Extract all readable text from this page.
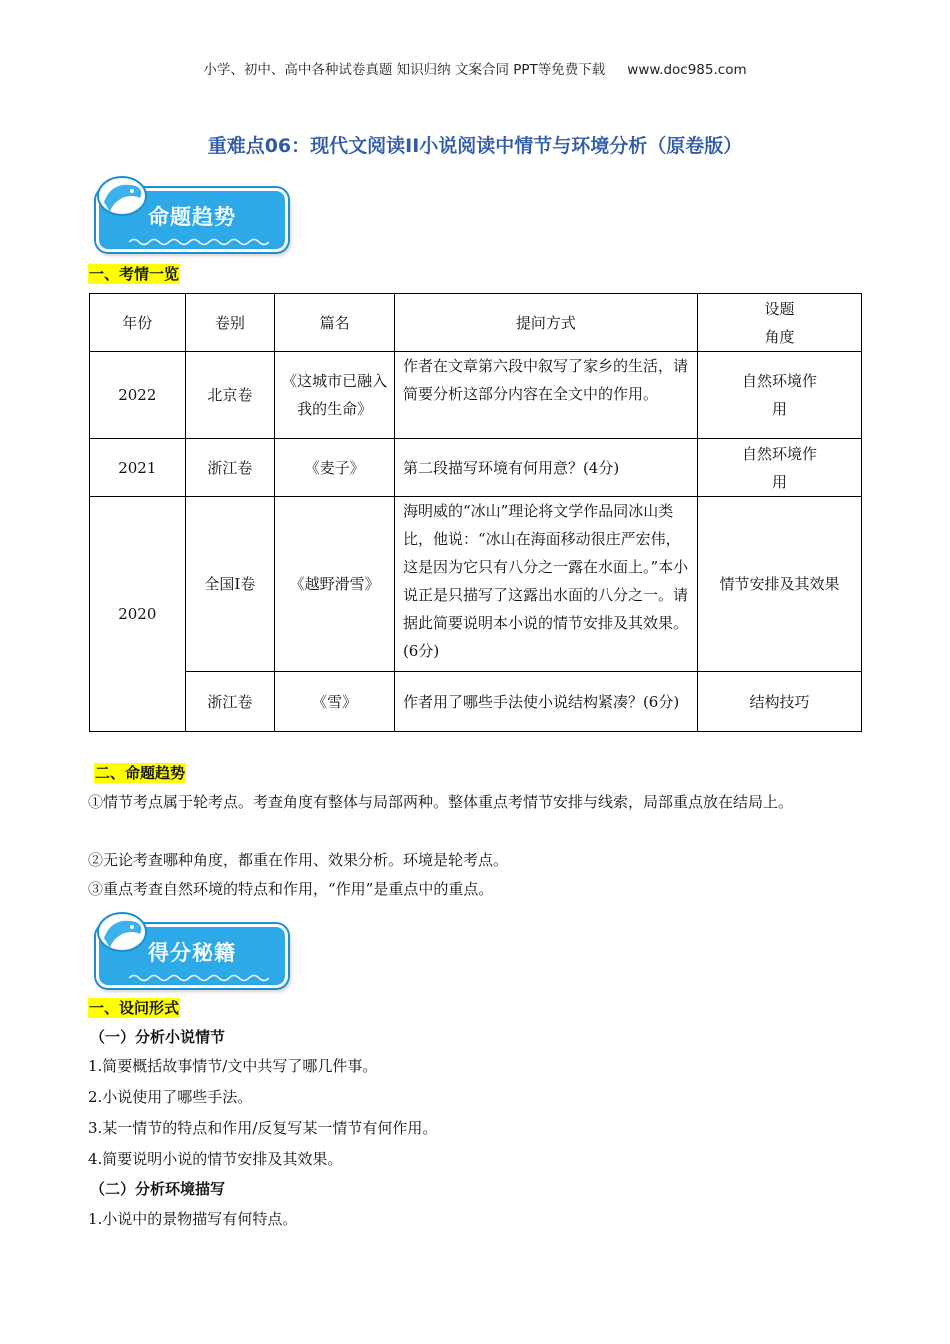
小学、初中、高中各种试卷真题 知识归纳 文案合同 PPT等免费下载 www.doc985.com
重难点06：现代文阅读II小说阅读中情节与环境分析（原卷版）
命题趋势
一、考情一览
年份	卷别	篇名	提问方式	设题
角度
2022	北京卷	《这城市已融入我的生命》	作者在文章第六段中叙写了家乡的生活，请简要分析这部分内容在全文中的作用。	自然环境作用
2021	浙江卷	《麦子》	第二段描写环境有何用意？(4分)	自然环境作用
2020	全国Ⅰ卷	《越野滑雪》	海明威的“冰山”理论将文学作品同冰山类比，他说：“冰山在海面移动很庄严宏伟，这是因为它只有八分之一露在水面上。”本小说正是只描写了这露出水面的八分之一。请据此简要说明本小说的情节安排及其效果。(6分)	情节安排及其效果
	浙江卷	《雪》	作者用了哪些手法使小说结构紧凑？(6分)	结构技巧
二、命题趋势
①情节考点属于轮考点。考查角度有整体与局部两种。整体重点考情节安排与线索，局部重点放在结局上。
②无论考查哪种角度，都重在作用、效果分析。环境是轮考点。
③重点考查自然环境的特点和作用，“作用”是重点中的重点。
得分秘籍
一、设问形式
（一）分析小说情节
1.简要概括故事情节/文中共写了哪几件事。
2.小说使用了哪些手法。
3.某一情节的特点和作用/反复写某一情节有何作用。
4.简要说明小说的情节安排及其效果。
（二）分析环境描写
1.小说中的景物描写有何特点。
